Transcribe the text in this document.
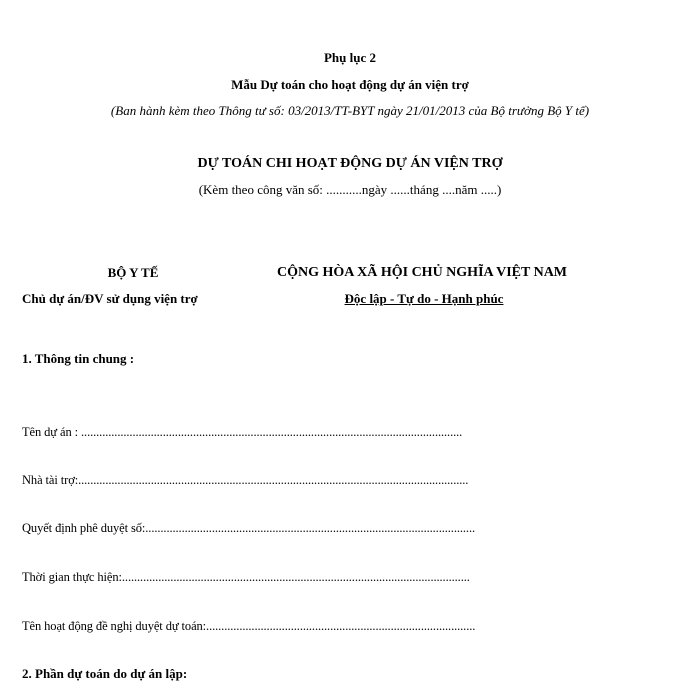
Phụ lục 2
Mẫu Dự toán cho hoạt động dự án viện trợ
(Ban hành kèm theo Thông tư số: 03/2013/TT-BYT ngày 21/01/2013 của Bộ trưởng Bộ Y tế)
DỰ TOÁN CHI HOẠT ĐỘNG DỰ ÁN VIỆN TRỢ
(Kèm theo công văn số: ...........ngày ......tháng ....năm .....)
BỘ Y TẾ
Chủ dự án/ĐV sử dụng viện trợ
CỘNG HÒA XÃ HỘI CHỦ NGHĨA VIỆT NAM
Độc lập - Tự do - Hạnh phúc
1. Thông tin chung :
Tên dự án : ..............................................................................................................................
Nhà tài trợ:.................................................................................................................................
Quyết định phê duyệt số:.............................................................................................................
Thời gian thực hiện:...................................................................................................................
Tên hoạt động đề nghị duyệt dự toán:.........................................................................................
2. Phần dự toán do dự án lập:
